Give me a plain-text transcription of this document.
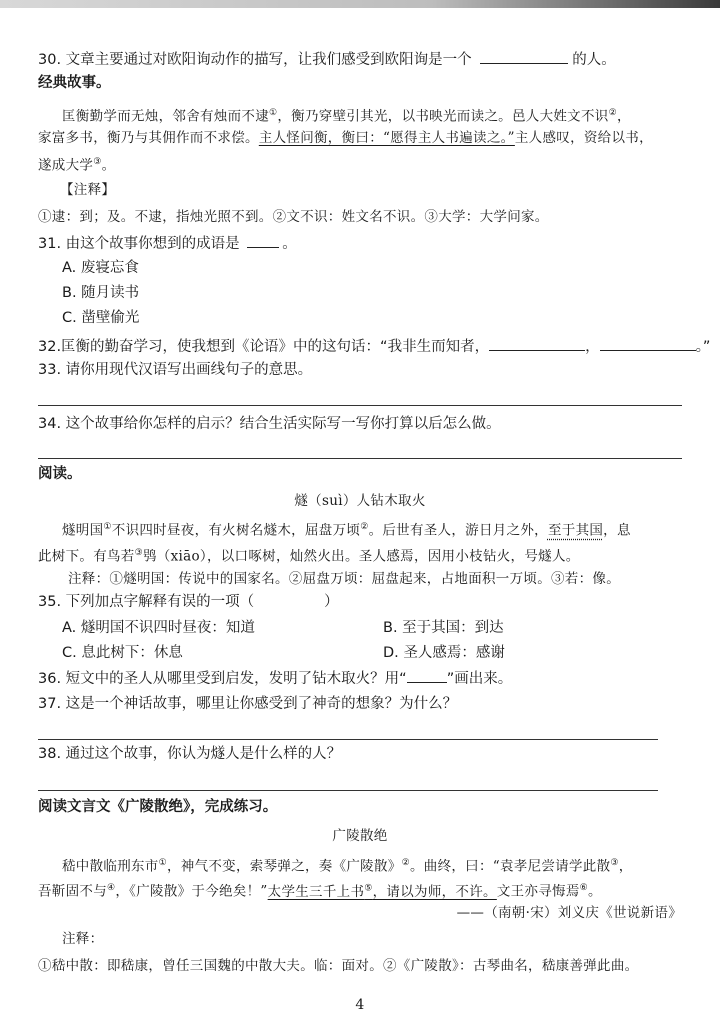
30. 文章主要通过对欧阳询动作的描写，让我们感受到欧阳询是一个	的人。
经典故事。
匡衡勤学而无烛，邻舍有烛而不逮①，衡乃穿壁引其光，以书映光而读之。邑人大姓文不识②，
家富多书，衡乃与其佣作而不求偿。主人怪问衡，衡曰：“愿得主人书遍读之。”主人感叹，资给以书，
遂成大学③。
【注释】
①逮：到；及。不逮，指烛光照不到。②文不识：姓文名不识。③大学：大学问家。
31. 由这个故事你想到的成语是	。
A. 废寝忘食
B. 随月读书
C. 凿壁偷光
32.匡衡的勤奋学习，使我想到《论语》中的这句话：“我非生而知者，	，	。”
33. 请你用现代汉语写出画线句子的意思。
34. 这个故事给你怎样的启示？结合生活实际写一写你打算以后怎么做。
阅读。
燧（suì）人钻木取火
燧明国①不识四时昼夜，有火树名燧木，屈盘万顷②。后世有圣人，游日月之外，至于其国，息
此树下。有鸟若③鸮（xiāo），以口啄树，灿然火出。圣人感焉，因用小枝钻火，号燧人。
注释：①燧明国：传说中的国家名。②屈盘万顷：屈盘起来，占地面积一万顷。③若：像。
35. 下列加点字解释有误的一项（	）
A. 燧明国不识四时昼夜：知道	B. 至于其国：到达
C. 息此树下：休息	D. 圣人感焉：感谢
36. 短文中的圣人从哪里受到启发，发明了钻木取火？用“	”画出来。
37. 这是一个神话故事，哪里让你感受到了神奇的想象？为什么？
38. 通过这个故事，你认为燧人是什么样的人？
阅读文言文《广陵散绝》，完成练习。
广陵散绝
嵇中散临刑东市①，神气不变，索琴弹之，奏《广陵散》②。曲终，曰：“袁孝尼尝请学此散③，
吾靳固不与④，《广陵散》于今绝矣！”太学生三千上书⑤，请以为师，不许。文王亦寻悔焉⑥。
——（南朝·宋）刘义庆《世说新语》
注释：
①嵇中散：即嵇康，曾任三国魏的中散大夫。临：面对。②《广陵散》：古琴曲名，嵇康善弹此曲。
4
